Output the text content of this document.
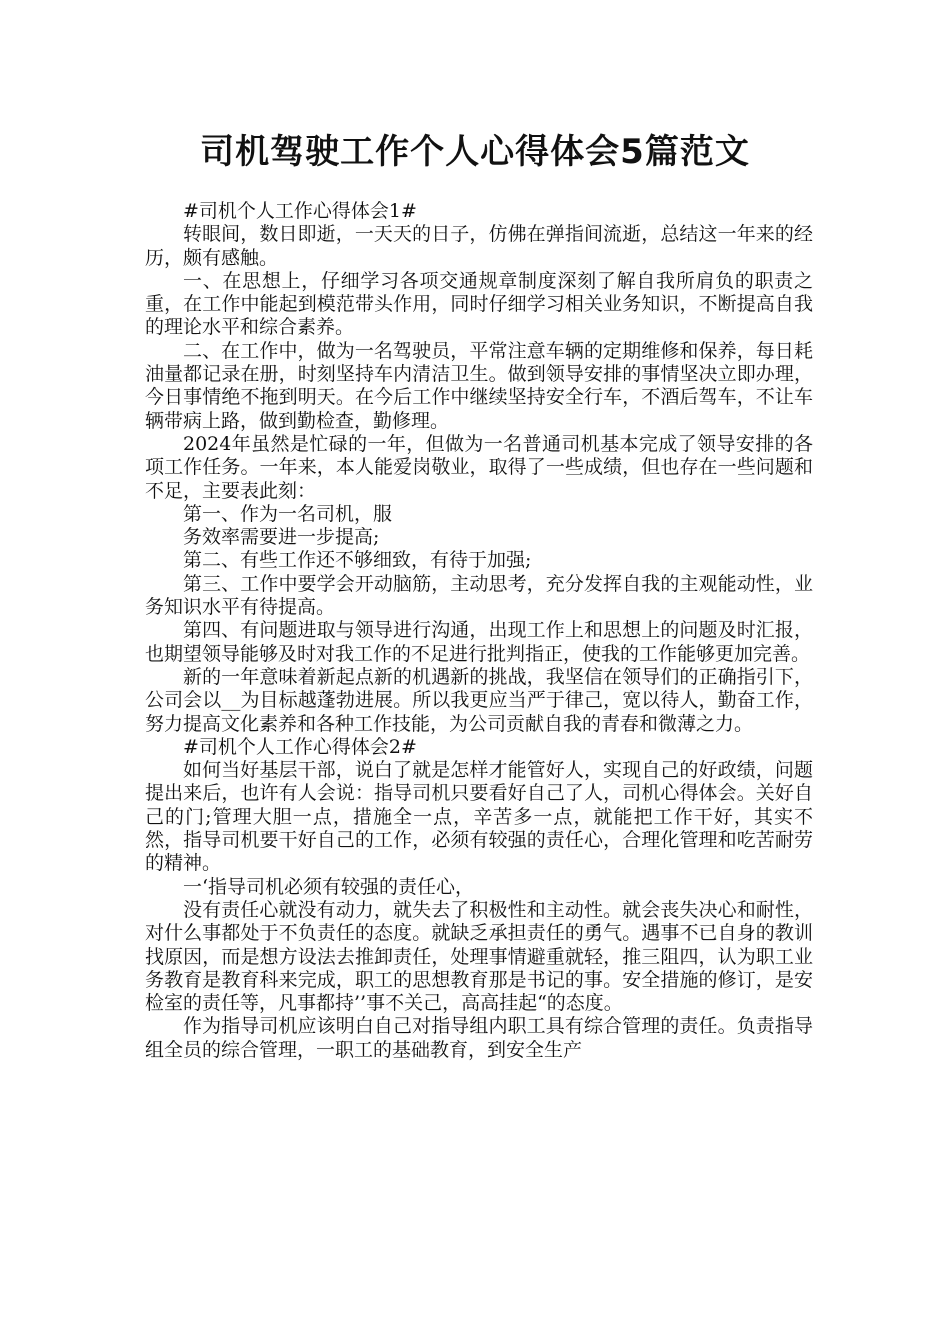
司机驾驶工作个人心得体会5篇范文

#司机个人工作心得体会1#

转眼间，数日即逝，一天天的日子，仿佛在弹指间流逝，总结这一年来的经历，颇有感触。

一、在思想上，仔细学习各项交通规章制度深刻了解自我所肩负的职责之重，在工作中能起到模范带头作用，同时仔细学习相关业务知识，不断提高自我的理论水平和综合素养。

二、在工作中，做为一名驾驶员，平常注意车辆的定期维修和保养，每日耗油量都记录在册，时刻坚持车内清洁卫生。做到领导安排的事情坚决立即办理，今日事情绝不拖到明天。在今后工作中继续坚持安全行车，不酒后驾车，不让车辆带病上路，做到勤检查，勤修理。

2024年虽然是忙碌的一年，但做为一名普通司机基本完成了领导安排的各项工作任务。一年来，本人能爱岗敬业，取得了一些成绩，但也存在一些问题和不足，主要表此刻：

第一、作为一名司机，服

务效率需要进一步提高;

第二、有些工作还不够细致，有待于加强;

第三、工作中要学会开动脑筋，主动思考，充分发挥自我的主观能动性，业务知识水平有待提高。

第四、有问题进取与领导进行沟通，出现工作上和思想上的问题及时汇报，也期望领导能够及时对我工作的不足进行批判指正，使我的工作能够更加完善。

新的一年意味着新起点新的机遇新的挑战，我坚信在领导们的正确指引下，公司会以__为目标越蓬勃进展。所以我更应当严于律己，宽以待人，勤奋工作，努力提高文化素养和各种工作技能，为公司贡献自我的青春和微薄之力。

#司机个人工作心得体会2#

如何当好基层干部，说白了就是怎样才能管好人，实现自己的好政绩，问题提出来后，也许有人会说：指导司机只要看好自己了人，司机心得体会。关好自己的门;管理大胆一点，措施全一点，辛苦多一点，就能把工作干好，其实不然，指导司机要干好自己的工作，必须有较强的责任心，合理化管理和吃苦耐劳的精神。

一‘指导司机必须有较强的责任心，

没有责任心就没有动力，就失去了积极性和主动性。就会丧失决心和耐性，对什么事都处于不负责任的态度。就缺乏承担责任的勇气。遇事不已自身的教训找原因，而是想方设法去推卸责任，处理事情避重就轻，推三阻四，认为职工业务教育是教育科来完成，职工的思想教育那是书记的事。安全措施的修订，是安检室的责任等，凡事都持’’事不关己，高高挂起“的态度。

作为指导司机应该明白自己对指导组内职工具有综合管理的责任。负责指导组全员的综合管理，一职工的基础教育，到安全生产
